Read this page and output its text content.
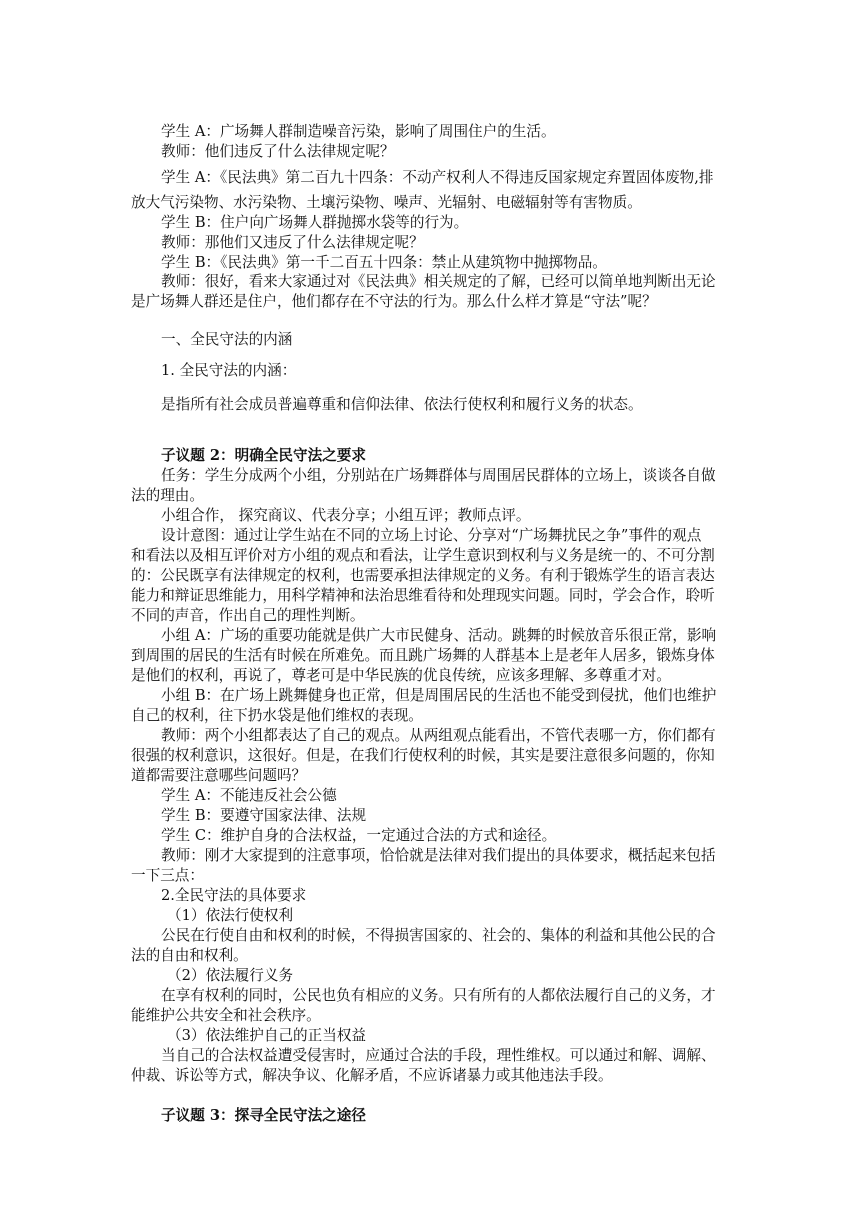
学生 A：广场舞人群制造噪音污染，影响了周围住户的生活。
教师：他们违反了什么法律规定呢？
学生 A：《民法典》第二百九十四条：不动产权利人不得违反国家规定弃置固体废物,排
放大气污染物、水污染物、土壤污染物、噪声、光辐射、电磁辐射等有害物质。
学生 B：住户向广场舞人群抛掷水袋等的行为。
教师：那他们又违反了什么法律规定呢？
学生 B：《民法典》第一千二百五十四条：禁止从建筑物中抛掷物品。
教师：很好，看来大家通过对《民法典》相关规定的了解，已经可以简单地判断出无论
是广场舞人群还是住户，他们都存在不守法的行为。那么什么样才算是“守法”呢？
一、全民守法的内涵
1. 全民守法的内涵：
是指所有社会成员普遍尊重和信仰法律、依法行使权利和履行义务的状态。
子议题 2：明确全民守法之要求
任务：学生分成两个小组，分别站在广场舞群体与周围居民群体的立场上，谈谈各自做
法的理由。
小组合作， 探究商议、代表分享；小组互评；教师点评。
设计意图：通过让学生站在不同的立场上讨论、分享对“广场舞扰民之争”事件的观点
和看法以及相互评价对方小组的观点和看法，让学生意识到权利与义务是统一的、不可分割
的：公民既享有法律规定的权利，也需要承担法律规定的义务。有利于锻炼学生的语言表达
能力和辩证思维能力，用科学精神和法治思维看待和处理现实问题。同时，学会合作，聆听
不同的声音，作出自己的理性判断。
小组 A：广场的重要功能就是供广大市民健身、活动。跳舞的时候放音乐很正常，影响
到周围的居民的生活有时候在所难免。而且跳广场舞的人群基本上是老年人居多，锻炼身体
是他们的权利，再说了，尊老可是中华民族的优良传统，应该多理解、多尊重才对。
小组 B：在广场上跳舞健身也正常，但是周围居民的生活也不能受到侵扰，他们也维护
自己的权利，往下扔水袋是他们维权的表现。
教师：两个小组都表达了自己的观点。从两组观点能看出，不管代表哪一方，你们都有
很强的权利意识，这很好。但是，在我们行使权利的时候，其实是要注意很多问题的，你知
道都需要注意哪些问题吗？
学生 A：不能违反社会公德
学生 B：要遵守国家法律、法规
学生 C：维护自身的合法权益，一定通过合法的方式和途径。
教师：刚才大家提到的注意事项，恰恰就是法律对我们提出的具体要求，概括起来包括
一下三点：
2.全民守法的具体要求
（1）依法行使权利
公民在行使自由和权利的时候，不得损害国家的、社会的、集体的利益和其他公民的合
法的自由和权利。
（2）依法履行义务
在享有权利的同时，公民也负有相应的义务。只有所有的人都依法履行自己的义务，才
能维护公共安全和社会秩序。
（3）依法维护自己的正当权益
当自己的合法权益遭受侵害时，应通过合法的手段，理性维权。可以通过和解、调解、
仲裁、诉讼等方式，解决争议、化解矛盾，不应诉诸暴力或其他违法手段。
子议题 3：探寻全民守法之途径
